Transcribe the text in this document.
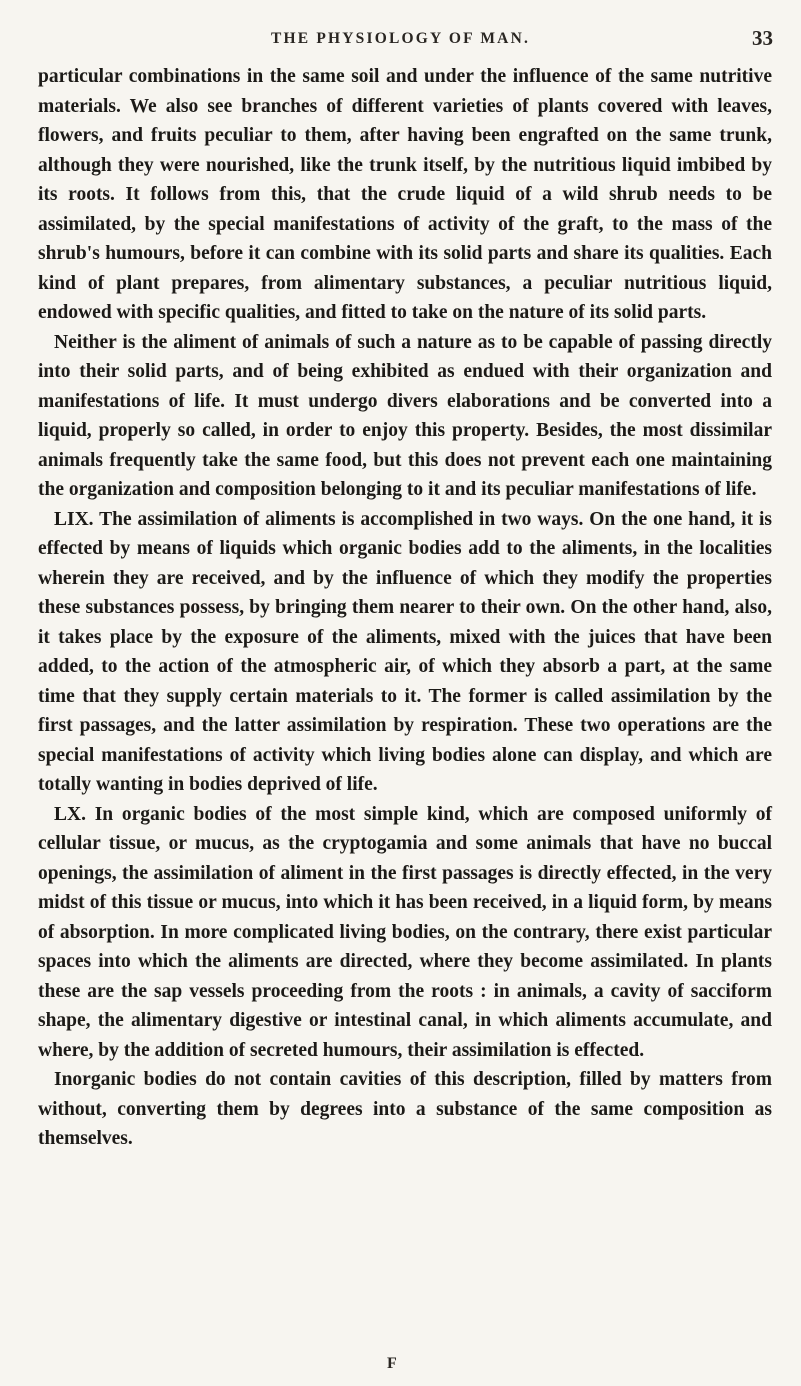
THE PHYSIOLOGY OF MAN.	33

particular combinations in the same soil and under the influence of the same nutritive materials. We also see branches of different varieties of plants covered with leaves, flowers, and fruits peculiar to them, after having been engrafted on the same trunk, although they were nourished, like the trunk itself, by the nutritious liquid imbibed by its roots. It follows from this, that the crude liquid of a wild shrub needs to be assimilated, by the special manifestations of activity of the graft, to the mass of the shrub's humours, before it can combine with its solid parts and share its qualities. Each kind of plant prepares, from alimentary substances, a peculiar nutritious liquid, endowed with specific qualities, and fitted to take on the nature of its solid parts.

Neither is the aliment of animals of such a nature as to be capable of passing directly into their solid parts, and of being exhibited as endued with their organization and manifestations of life. It must undergo divers elaborations and be converted into a liquid, properly so called, in order to enjoy this property. Besides, the most dissimilar animals frequently take the same food, but this does not prevent each one maintaining the organization and composition belonging to it and its peculiar manifestations of life.

LIX. The assimilation of aliments is accomplished in two ways. On the one hand, it is effected by means of liquids which organic bodies add to the aliments, in the localities wherein they are received, and by the influence of which they modify the properties these substances possess, by bringing them nearer to their own. On the other hand, also, it takes place by the exposure of the aliments, mixed with the juices that have been added, to the action of the atmospheric air, of which they absorb a part, at the same time that they supply certain materials to it. The former is called assimilation by the first passages, and the latter assimilation by respiration. These two operations are the special manifestations of activity which living bodies alone can display, and which are totally wanting in bodies deprived of life.

LX. In organic bodies of the most simple kind, which are composed uniformly of cellular tissue, or mucus, as the cryptogamia and some animals that have no buccal openings, the assimilation of aliment in the first passages is directly effected, in the very midst of this tissue or mucus, into which it has been received, in a liquid form, by means of absorption. In more complicated living bodies, on the contrary, there exist particular spaces into which the aliments are directed, where they become assimilated. In plants these are the sap vessels proceeding from the roots : in animals, a cavity of sacciform shape, the alimentary digestive or intestinal canal, in which aliments accumulate, and where, by the addition of secreted humours, their assimilation is effected.

Inorganic bodies do not contain cavities of this description, filled by matters from without, converting them by degrees into a substance of the same composition as themselves.

F
